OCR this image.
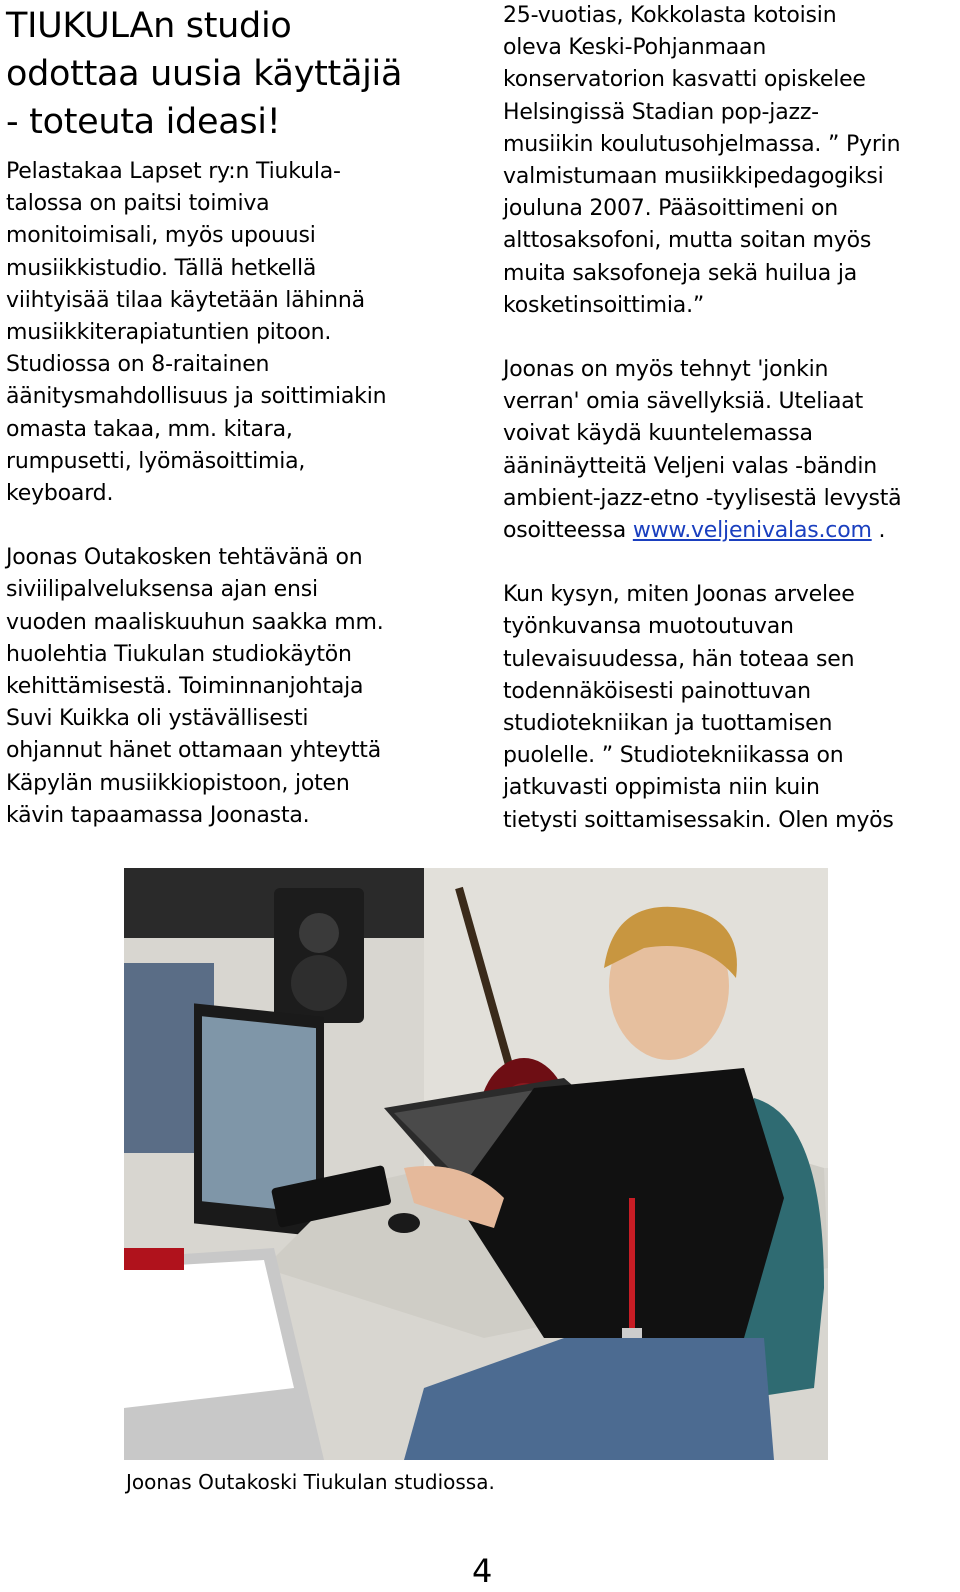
TIUKULAn studio
odottaa uusia käyttäjiä
- toteuta ideasi!

Pelastakaa Lapset ry:n Tiukula-
talossa on paitsi toimiva
monitoimisali, myös upouusi
musiikkistudio. Tällä hetkellä
viihtyisää tilaa käytetään lähinnä
musiikkiterapiatuntien pitoon.
Studiossa on 8-raitainen
äänitysmahdollisuus ja soittimiakin
omasta takaa, mm. kitara,
rumpusetti, lyömäsoittimia,
keyboard.

Joonas Outakosken tehtävänä on
siviilipalveluksensa ajan ensi
vuoden maaliskuuhun saakka mm.
huolehtia Tiukulan studiokäytön
kehittämisestä. Toiminnanjohtaja
Suvi Kuikka oli ystävällisesti
ohjannut hänet ottamaan yhteyttä
Käpylän musiikkiopistoon, joten
kävin tapaamassa Joonasta.

25-vuotias, Kokkolasta kotoisin
oleva Keski-Pohjanmaan
konservatorion kasvatti opiskelee
Helsingissä Stadian pop-jazz-
musiikin koulutusohjelmassa. ” Pyrin
valmistumaan musiikkipedagogiksi
jouluna 2007. Pääsoittimeni on
alttosaksofoni, mutta soitan myös
muita saksofoneja sekä huilua ja
kosketinsoittimia.”

Joonas on myös tehnyt 'jonkin
verran' omia sävellyksiä. Uteliaat
voivat käydä kuuntelemassa
ääninäytteitä Veljeni valas -bändin
ambient-jazz-etno -tyylisestä levystä
osoitteessa www.veljenivalas.com .

Kun kysyn, miten Joonas arvelee
työnkuvansa muotoutuvan
tulevaisuudessa, hän toteaa sen
todennäköisesti painottuvan
studiotekniikan ja tuottamisen
puolelle. ” Studiotekniikassa on
jatkuvasti oppimista niin kuin
tietysti soittamisessakin. Olen myös

Joonas Outakoski Tiukulan studiossa.
4
